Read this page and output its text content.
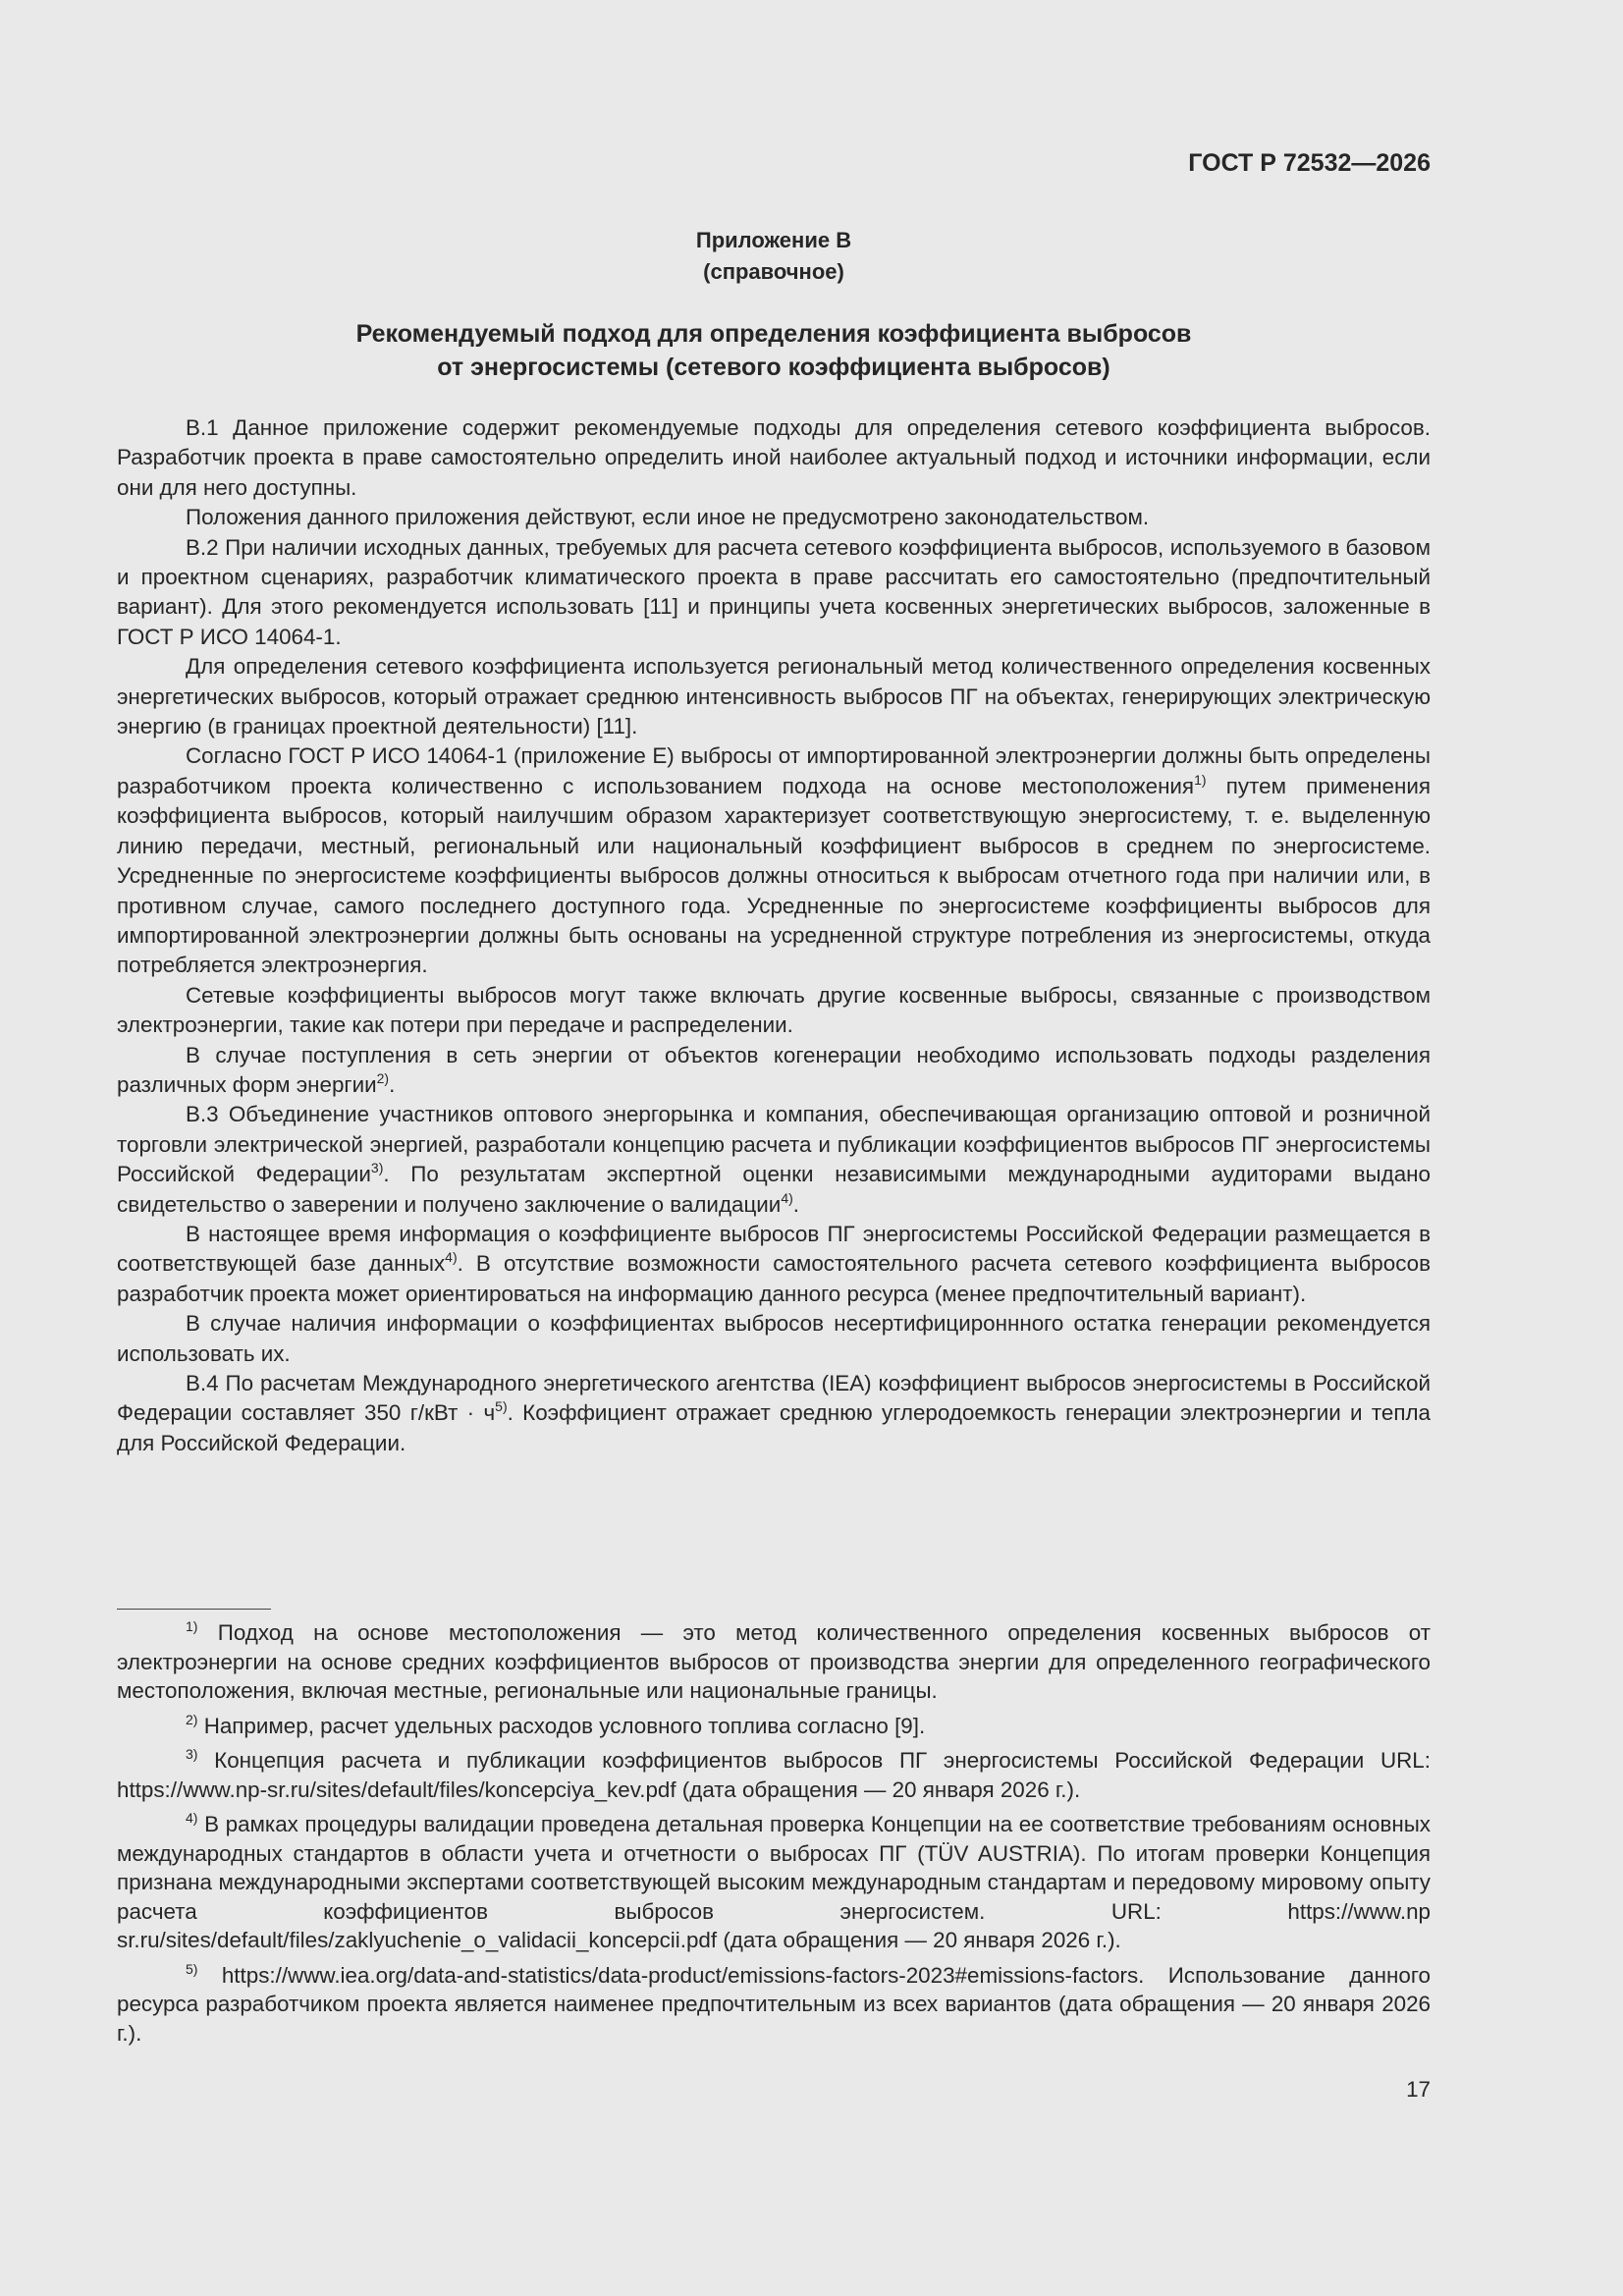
ГОСТ Р 72532—2026
Приложение В
(справочное)
Рекомендуемый подход для определения коэффициента выбросов
от энергосистемы (сетевого коэффициента выбросов)

В.1 Данное приложение содержит рекомендуемые подходы для определения сетевого коэффициента выбросов. Разработчик проекта в праве самостоятельно определить иной наиболее актуальный подход и источники информации, если они для него доступны.

Положения данного приложения действуют, если иное не предусмотрено законодательством.

В.2 При наличии исходных данных, требуемых для расчета сетевого коэффициента выбросов, используемого в базовом и проектном сценариях, разработчик климатического проекта в праве рассчитать его самостоятельно (предпочтительный вариант). Для этого рекомендуется использовать [11] и принципы учета косвенных энергетических выбросов, заложенные в ГОСТ Р ИСО 14064-1.

Для определения сетевого коэффициента используется региональный метод количественного определения косвенных энергетических выбросов, который отражает среднюю интенсивность выбросов ПГ на объектах, генерирующих электрическую энергию (в границах проектной деятельности) [11].

Согласно ГОСТ Р ИСО 14064-1 (приложение Е) выбросы от импортированной электроэнергии должны быть определены разработчиком проекта количественно с использованием подхода на основе местоположения$^{1)}$ путем применения коэффициента выбросов, который наилучшим образом характеризует соответствующую энергосистему, т. е. выделенную линию передачи, местный, региональный или национальный коэффициент выбросов в среднем по энергосистеме. Усредненные по энергосистеме коэффициенты выбросов должны относиться к выбросам отчетного года при наличии или, в противном случае, самого последнего доступного года. Усредненные по энергосистеме коэффициенты выбросов для импортированной электроэнергии должны быть основаны на усредненной структуре потребления из энергосистемы, откуда потребляется электроэнергия.

Сетевые коэффициенты выбросов могут также включать другие косвенные выбросы, связанные с производством электроэнергии, такие как потери при передаче и распределении.

В случае поступления в сеть энергии от объектов когенерации необходимо использовать подходы разделения различных форм энергии$^{2)}$.

В.3 Объединение участников оптового энергорынка и компания, обеспечивающая организацию оптовой и розничной торговли электрической энергией, разработали концепцию расчета и публикации коэффициентов выбросов ПГ энергосистемы Российской Федерации$^{3)}$. По результатам экспертной оценки независимыми международными аудиторами выдано свидетельство о заверении и получено заключение о валидации$^{4)}$.

В настоящее время информация о коэффициенте выбросов ПГ энергосистемы Российской Федерации размещается в соответствующей базе данных$^{4)}$. В отсутствие возможности самостоятельного расчета сетевого коэффициента выбросов разработчик проекта может ориентироваться на информацию данного ресурса (менее предпочтительный вариант).

В случае наличия информации о коэффициентах выбросов несертифицироннного остатка генерации рекомендуется использовать их.

В.4 По расчетам Международного энергетического агентства (IEA) коэффициент выбросов энергосистемы в Российской Федерации составляет 350 $г/кВт \cdot ч^{5)}$. Коэффициент отражает среднюю углеродоемкость генерации электроэнергии и тепла для Российской Федерации.

$^{1)}$ Подход на основе местоположения — это метод количественного определения косвенных выбросов от электроэнергии на основе средних коэффициентов выбросов от производства энергии для определенного географического местоположения, включая местные, региональные или национальные границы.

$^{2)}$ Например, расчет удельных расходов условного топлива согласно [9].

$^{3)}$ Концепция расчета и публикации коэффициентов выбросов ПГ энергосистемы Российской Федерации URL: https://www.np-sr.ru/sites/default/files/koncepciya_kev.pdf (дата обращения — 20 января 2026 г.).

$^{4)}$ В рамках процедуры валидации проведена детальная проверка Концепции на ее соответствие требованиям основных международных стандартов в области учета и отчетности о выбросах ПГ (TÜV AUSTRIA). По итогам проверки Концепция признана международными экспертами соответствующей высоким международным стандартам и передовому мировому опыту расчета коэффициентов выбросов энергосистем. URL: https://www.np sr.ru/sites/default/files/zaklyuchenie_o_validacii_koncepcii.pdf (дата обращения — 20 января 2026 г.).

$^{5)}$ https://www.iea.org/data-and-statistics/data-product/emissions-factors-2023#emissions-factors. Использование данного ресурса разработчиком проекта является наименее предпочтительным из всех вариантов (дата обращения — 20 января 2026 г.).

17
